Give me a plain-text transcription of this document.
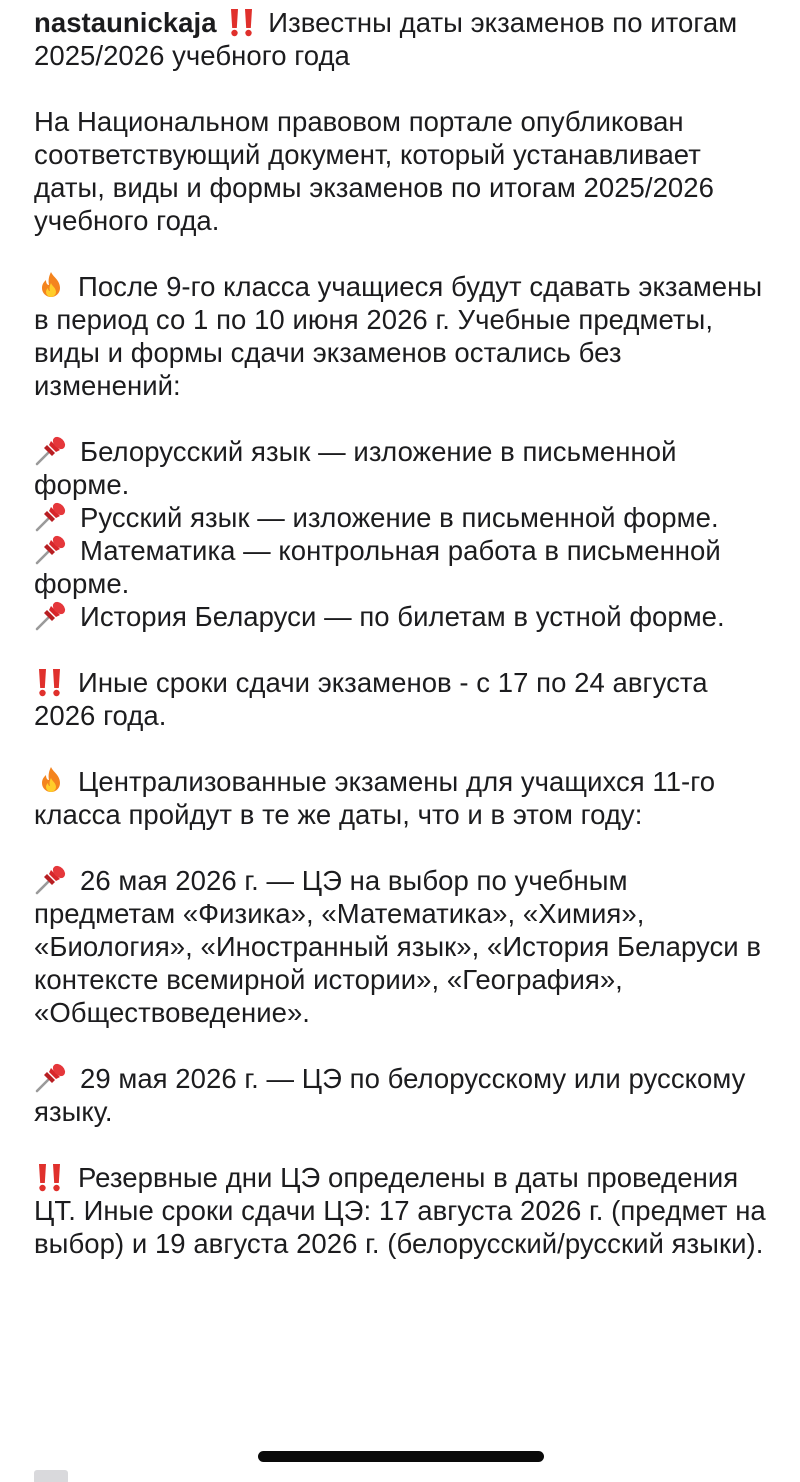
nastaunickaja Известны даты экзаменов по итогам 2025/2026 учебного года

На Национальном правовом портале опубликован соответствующий документ, который устанавливает даты, виды и формы экзаменов по итогам 2025/2026 учебного года.

После 9-го класса учащиеся будут сдавать экзамены в период со 1 по 10 июня 2026 г. Учебные предметы, виды и формы сдачи экзаменов остались без изменений:

Белорусский язык — изложение в письменной форме.

Русский язык — изложение в письменной форме.

Математика — контрольная работа в письменной форме.

История Беларуси — по билетам в устной форме.

Иные сроки сдачи экзаменов - с 17 по 24 августа 2026 года.

Централизованные экзамены для учащихся 11-го класса пройдут в те же даты, что и в этом году:

26 мая 2026 г. — ЦЭ на выбор по учебным предметам «Физика», «Математика», «Химия», «Биология», «Иностранный язык», «История Беларуси в контексте всемирной истории», «География», «Обществоведение».

29 мая 2026 г. — ЦЭ по белорусскому или русскому языку.

Резервные дни ЦЭ определены в даты проведения ЦТ. Иные сроки сдачи ЦЭ: 17 августа 2026 г. (предмет на выбор) и 19 августа 2026 г. (белорусский/русский языки).
